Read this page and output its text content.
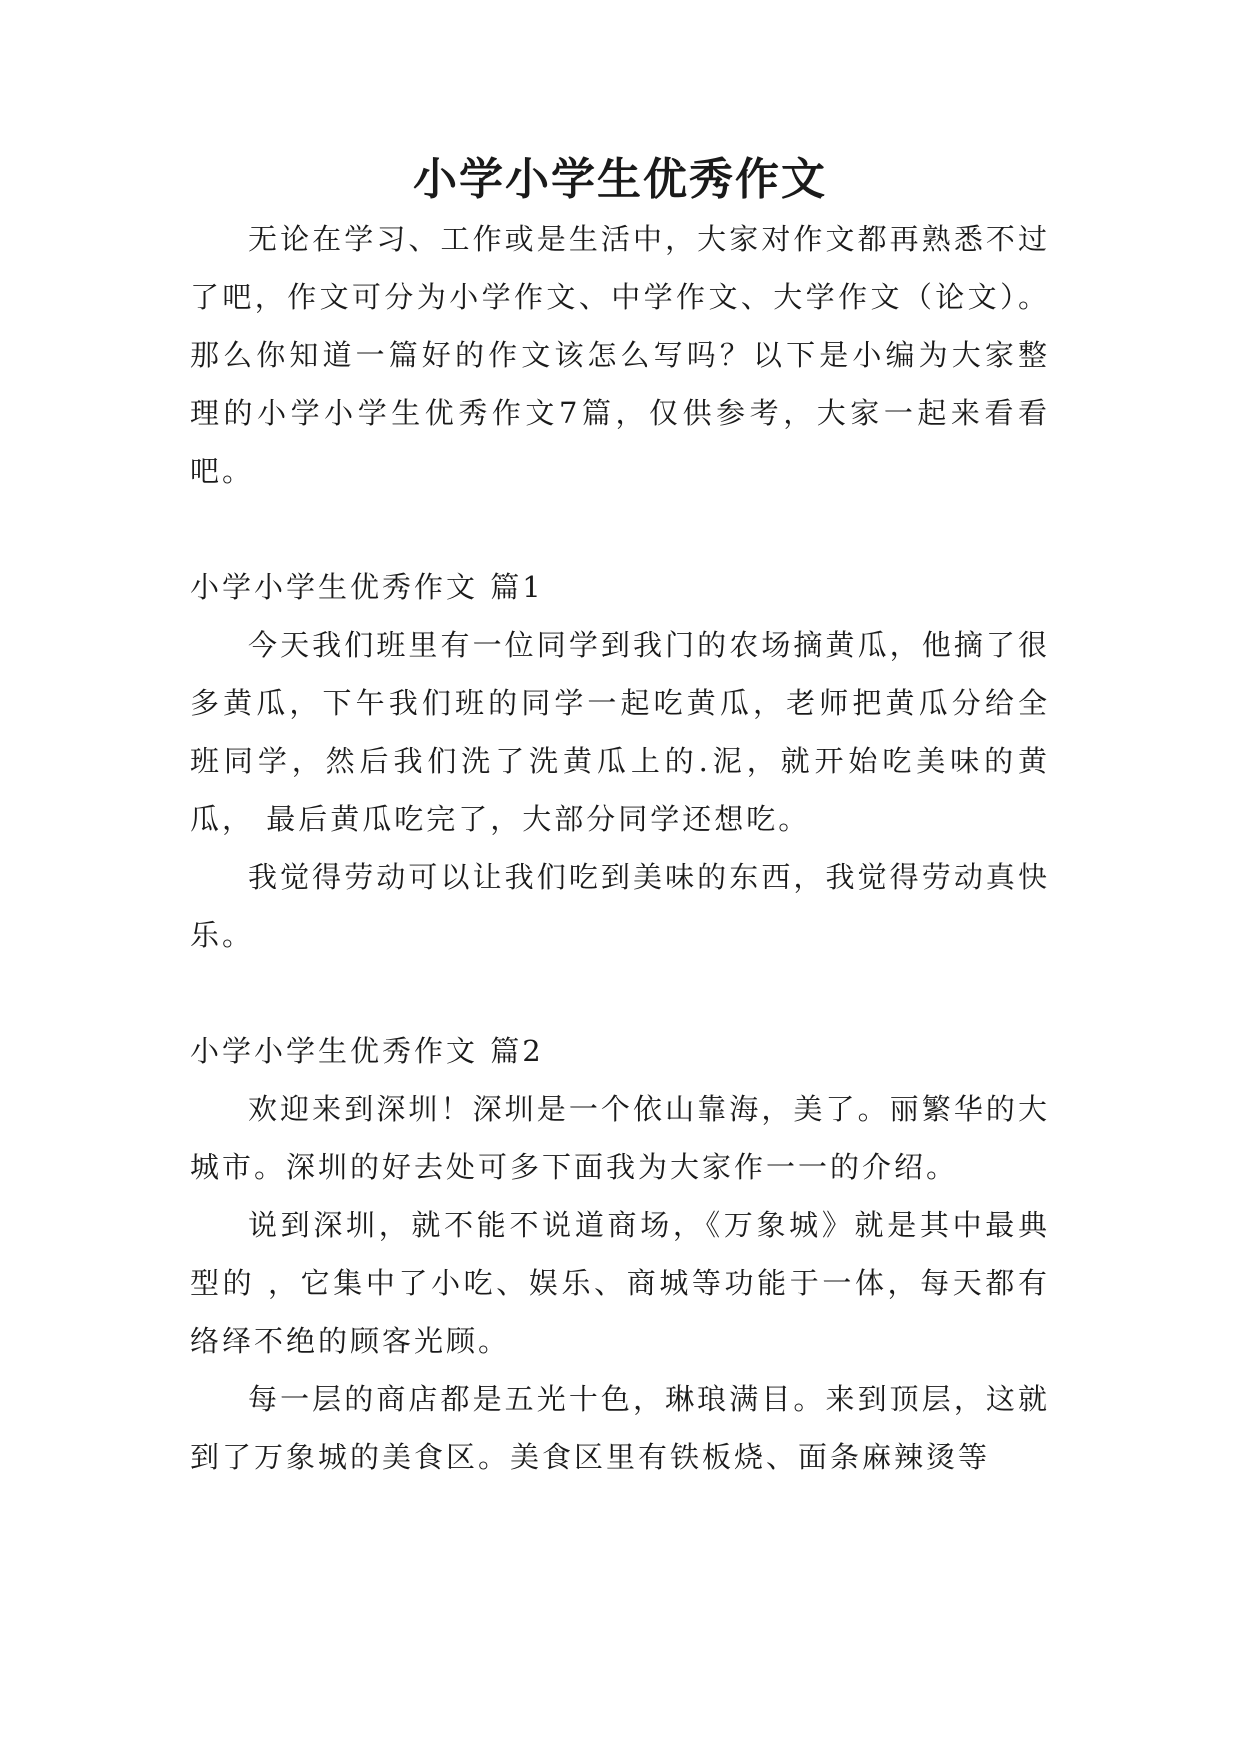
小学小学生优秀作文

无论在学习、工作或是生活中，大家对作文都再熟悉不过了吧，作文可分为小学作文、中学作文、大学作文（论文）。那么你知道一篇好的作文该怎么写吗？以下是小编为大家整理的小学小学生优秀作文7篇，仅供参考，大家一起来看看吧。

小学小学生优秀作文 篇1

今天我们班里有一位同学到我门的农场摘黄瓜，他摘了很多黄瓜，下午我们班的同学一起吃黄瓜，老师把黄瓜分给全班同学，然后我们洗了洗黄瓜上的.泥，就开始吃美味的黄瓜， 最后黄瓜吃完了，大部分同学还想吃。

我觉得劳动可以让我们吃到美味的东西，我觉得劳动真快乐。

小学小学生优秀作文 篇2

欢迎来到深圳！深圳是一个依山靠海，美了。丽繁华的大城市。深圳的好去处可多下面我为大家作一一的介绍。

说到深圳，就不能不说道商场，《万象城》就是其中最典型的 ，它集中了小吃、娱乐、商城等功能于一体，每天都有络绎不绝的顾客光顾。

每一层的商店都是五光十色，琳琅满目。来到顶层，这就到了万象城的美食区。美食区里有铁板烧、面条麻辣烫等
